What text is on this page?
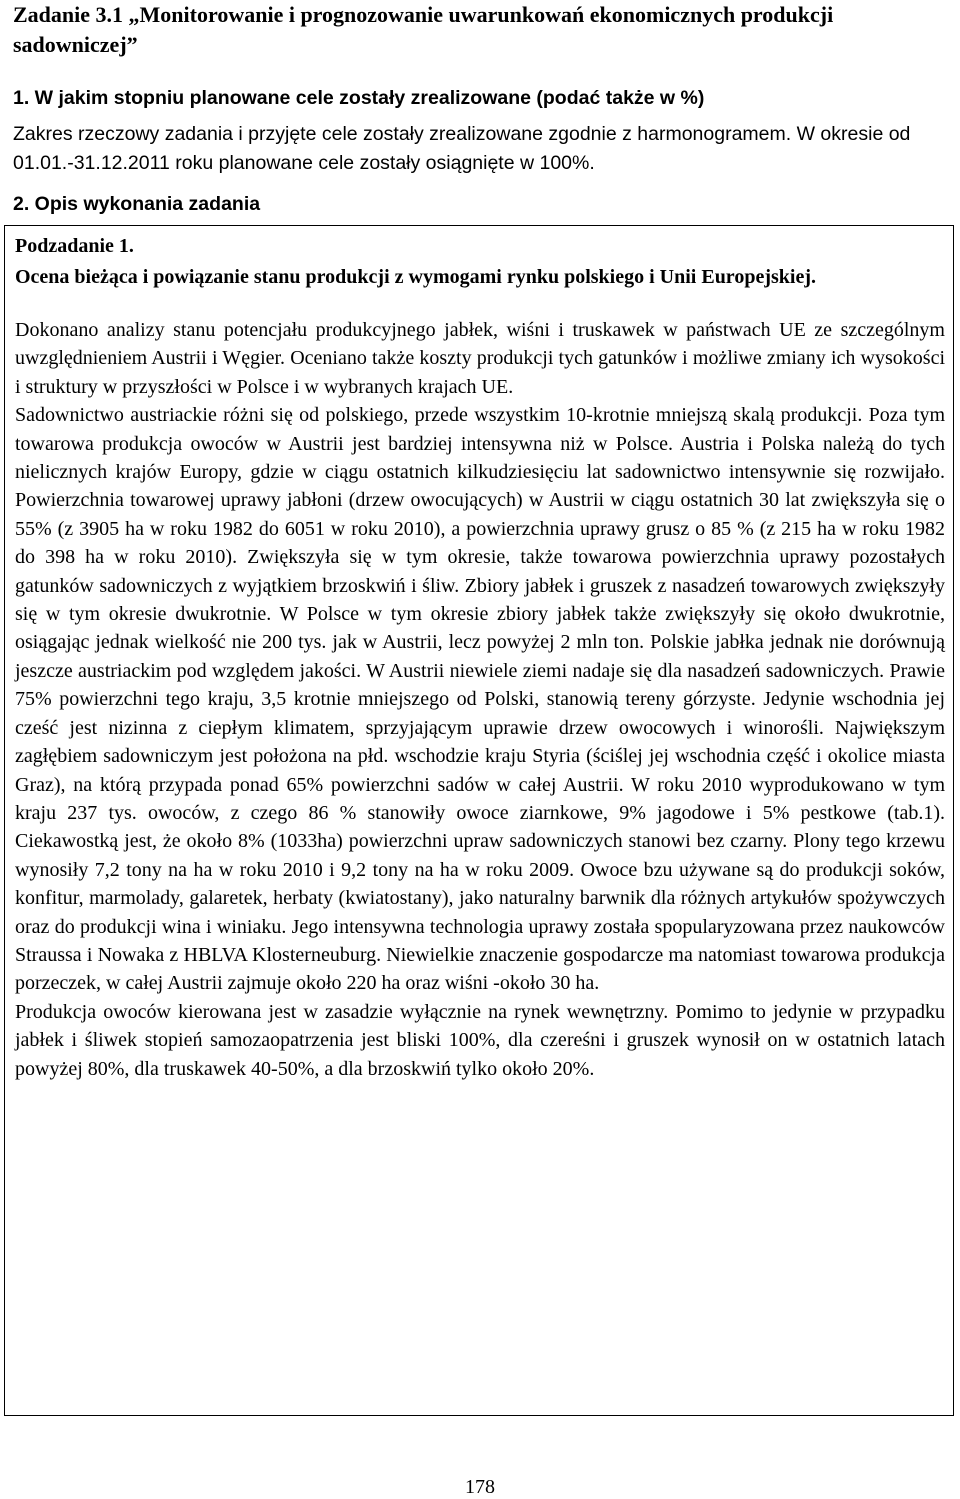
Zadanie 3.1 „Monitorowanie i prognozowanie uwarunkowań ekonomicznych produkcji sadowniczej”
1. W jakim stopniu planowane cele zostały zrealizowane (podać także w %)

Zakres rzeczowy zadania i przyjęte cele zostały zrealizowane zgodnie z harmonogramem. W okresie od 01.01.-31.12.2011 roku planowane cele zostały osiągnięte w 100%.

2. Opis wykonania zadania
Podzadanie 1.
Ocena bieżąca i powiązanie stanu produkcji z wymogami rynku polskiego i Unii Europejskiej.

Dokonano analizy stanu potencjału produkcyjnego jabłek, wiśni i truskawek w państwach UE ze szczególnym uwzględnieniem Austrii i Węgier. Oceniano także koszty produkcji tych gatunków i możliwe zmiany ich wysokości i struktury w przyszłości w Polsce i w wybranych krajach UE.

Sadownictwo austriackie różni się od polskiego, przede wszystkim 10-krotnie mniejszą skalą produkcji. Poza tym towarowa produkcja owoców w Austrii jest bardziej intensywna niż w Polsce. Austria i Polska należą do tych nielicznych krajów Europy, gdzie w ciągu ostatnich kilkudziesięciu lat sadownictwo intensywnie się rozwijało. Powierzchnia towarowej uprawy jabłoni (drzew owocujących) w Austrii w ciągu ostatnich 30 lat zwiększyła się o 55% (z 3905 ha w roku 1982 do 6051 w roku 2010), a powierzchnia uprawy grusz o 85 % (z 215 ha w roku 1982 do 398 ha w roku 2010). Zwiększyła się w tym okresie, także towarowa powierzchnia uprawy pozostałych gatunków sadowniczych z wyjątkiem brzoskwiń i śliw. Zbiory jabłek i gruszek z nasadzeń towarowych zwiększyły się w tym okresie dwukrotnie. W Polsce w tym okresie zbiory jabłek także zwiększyły się około dwukrotnie, osiągając jednak wielkość nie 200 tys. jak w Austrii, lecz powyżej 2 mln ton. Polskie jabłka jednak nie dorównują jeszcze austriackim pod względem jakości. W Austrii niewiele ziemi nadaje się dla nasadzeń sadowniczych. Prawie 75% powierzchni tego kraju, 3,5 krotnie mniejszego od Polski, stanowią tereny górzyste. Jedynie wschodnia jej cześć jest nizinna z ciepłym klimatem, sprzyjającym uprawie drzew owocowych i winorośli. Największym zagłębiem sadowniczym jest położona na płd. wschodzie kraju Styria (ściślej jej wschodnia część i okolice miasta Graz), na którą przypada ponad 65% powierzchni sadów w całej Austrii. W roku 2010 wyprodukowano w tym kraju 237 tys. owoców, z czego 86 % stanowiły owoce ziarnkowe, 9% jagodowe i 5% pestkowe (tab.1). Ciekawostką jest, że około 8% (1033ha) powierzchni upraw sadowniczych stanowi bez czarny. Plony tego krzewu wynosiły 7,2 tony na ha w roku 2010 i 9,2 tony na ha w roku 2009. Owoce bzu używane są do produkcji soków, konfitur, marmolady, galaretek, herbaty (kwiatostany), jako naturalny barwnik dla różnych artykułów spożywczych oraz do produkcji wina i winiaku. Jego intensywna technologia uprawy została spopularyzowana przez naukowców Straussa i Nowaka z HBLVA Klosterneuburg. Niewielkie znaczenie gospodarcze ma natomiast towarowa produkcja porzeczek, w całej Austrii zajmuje około 220 ha oraz wiśni -około 30 ha.

Produkcja owoców kierowana jest w zasadzie wyłącznie na rynek wewnętrzny. Pomimo to jedynie w przypadku jabłek i śliwek stopień samozaopatrzenia jest bliski 100%, dla czereśni i gruszek wynosił on w ostatnich latach powyżej 80%, dla truskawek 40-50%, a dla brzoskwiń tylko około 20%.

178
